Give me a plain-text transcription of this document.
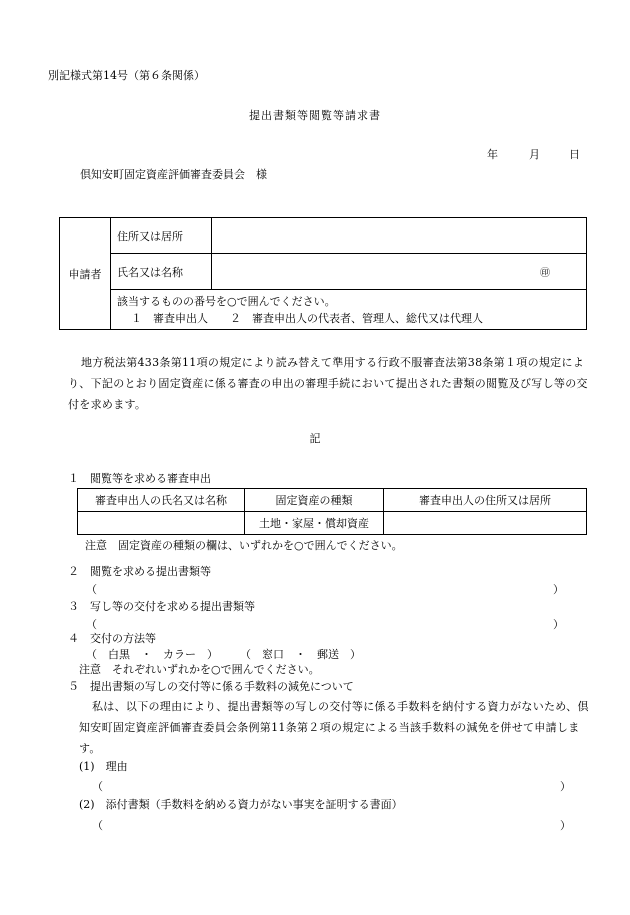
別記様式第14号（第６条関係）
提出書類等閲覧等請求書
年	月	日
倶知安町固定資産評価審査委員会　様
申請者	住所又は居所	
	氏名又は名称	㊞

	該当するものの番号を○で囲んでください。
１　審査申出人　　２　審査申出人の代表者、管理人、総代又は代理人	

地方税法第433条第11項の規定により読み替えて準用する行政不服審査法第38条第１項の規定により、下記のとおり固定資産に係る審査の申出の審理手続において提出された書類の閲覧及び写し等の交付を求めます。

記
１　閲覧等を求める審査申出
審査申出人の氏名又は名称	固定資産の種類	審査申出人の住所又は居所
	土地・家屋・償却資産	
注意　固定資産の種類の欄は、いずれかを○で囲んでください。
２　閲覧を求める提出書類等
（	）
３　写し等の交付を求める提出書類等
（	）
４　交付の方法等
（　白黒　・　カラー　）　　　（　窓口　・　郵送　）
注意　それぞれいずれかを○で囲んでください。
５　提出書類の写しの交付等に係る手数料の減免について

私は、以下の理由により、提出書類等の写しの交付等に係る手数料を納付する資力がないため、倶知安町固定資産評価審査委員会条例第11条第２項の規定による当該手数料の減免を併せて申請します。

(1)　理由
（	）
(2)　添付書類（手数料を納める資力がない事実を証明する書面）
（	）
